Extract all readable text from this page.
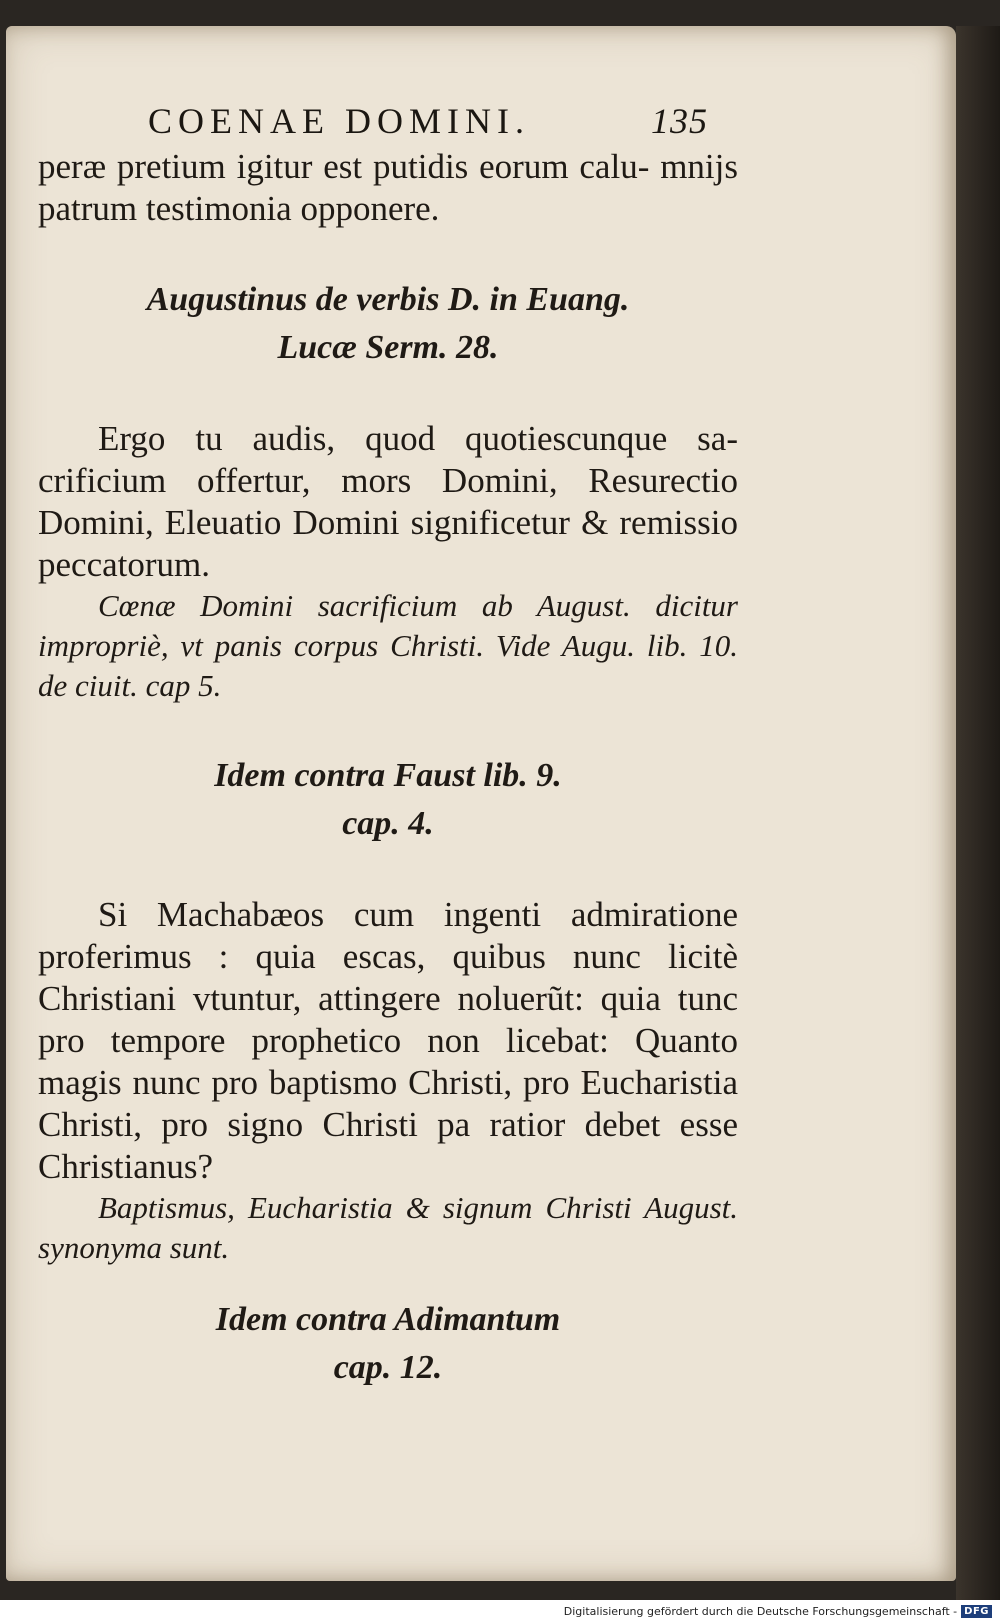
COENAE DOMINI.	135

peræ pretium igitur est putidis eorum calu- mnijs patrum testimonia opponere.

Augustinus de verbis D. in Euang.

Lucæ Serm. 28.

Ergo tu audis, quod quotiescunque sa- crificium offertur, mors Domini, Resurectio Domini, Eleuatio Domini significetur & remissio peccatorum.

Cœnæ Domini sacrificium ab August. dicitur impropriè, vt panis corpus Christi. Vide Augu. lib. 10. de ciuit. cap 5.

Idem contra Faust lib. 9.

cap. 4.

Si Machabæos cum ingenti admiratione proferimus : quia escas, quibus nunc licitè Christiani vtuntur, attingere noluerũt: quia tunc pro tempore prophetico non licebat: Quanto magis nunc pro baptismo Christi, pro Eucharistia Christi, pro signo Christi pa ratior debet esse Christianus?

Baptismus, Eucharistia & signum Christi August. synonyma sunt.

Idem contra Adimantum

cap. 12.

Digitalisierung gefördert durch die Deutsche Forschungsgemeinschaft - DFG
